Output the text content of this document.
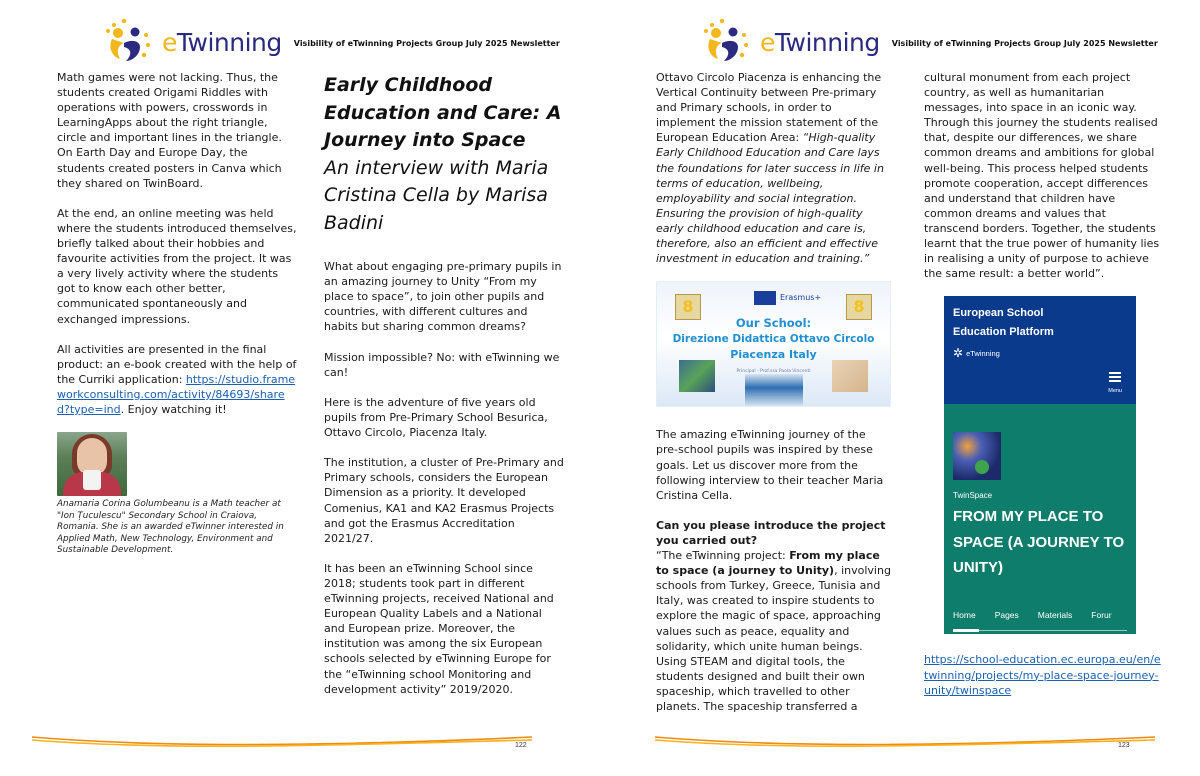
eTwinning Visibility of eTwinning Projects Group July 2025 Newsletter

Math games were not lacking. Thus, the students created Origami Riddles with operations with powers, crosswords in LearningApps about the right triangle, circle and important lines in the triangle. On Earth Day and Europe Day, the students created posters in Canva which they shared on TwinBoard.

At the end, an online meeting was held where the students introduced themselves, briefly talked about their hobbies and favourite activities from the project. It was a very lively activity where the students got to know each other better, communicated spontaneously and exchanged impressions.

All activities are presented in the final product: an e-book created with the help of the Curriki application: https://studio.frameworkconsulting.com/activity/84693/shared?type=ind. Enjoy watching it!

Anamaria Corina Golumbeanu is a Math teacher at "Ion Țuculescu" Secondary School in Craiova, Romania. She is an awarded eTwinner interested in Applied Math, New Technology, Environment and Sustainable Development.
Early Childhood Education and Care: A Journey into Space
An interview with Maria Cristina Cella by Marisa Badini

What about engaging pre-primary pupils in an amazing journey to Unity “From my place to space”, to join other pupils and countries, with different cultures and habits but sharing common dreams?

Mission impossible? No: with eTwinning we can!

Here is the adventure of five years old pupils from Pre-Primary School Besurica, Ottavo Circolo, Piacenza Italy.

The institution, a cluster of Pre-Primary and Primary schools, considers the European Dimension as a priority. It developed Comenius, KA1 and KA2 Erasmus Projects and got the Erasmus Accreditation 2021/27.

It has been an eTwinning School since 2018; students took part in different eTwinning projects, received National and European Quality Labels and a National and European prize. Moreover, the institution was among the six European schools selected by eTwinning Europe for the “eTwinning school Monitoring and development activity” 2019/2020.

122
eTwinning Visibility of eTwinning Projects Group July 2025 Newsletter

Ottavo Circolo Piacenza is enhancing the Vertical Continuity between Pre-primary and Primary schools, in order to implement the mission statement of the European Education Area: “High-quality Early Childhood Education and Care lays the foundations for later success in life in terms of education, wellbeing, employability and social integration. Ensuring the provision of high-quality early childhood education and care is, therefore, also an efficient and effective investment in education and training.”

8	Erasmus+	8
Our School:
Direzione Didattica Ottavo Circolo
Piacenza Italy
Principal - Prof.ssa Paola Vincenti

The amazing eTwinning journey of the pre-school pupils was inspired by these goals. Let us discover more from the following interview to their teacher Maria Cristina Cella.

Can you please introduce the project you carried out?

“The eTwinning project: From my place to space (a journey to Unity), involving schools from Turkey, Greece, Tunisia and Italy, was created to inspire students to explore the magic of space, approaching values such as peace, equality and solidarity, which unite human beings. Using STEAM and digital tools, the students designed and built their own spaceship, which travelled to other planets. The spaceship transferred a

cultural monument from each project country, as well as humanitarian messages, into space in an iconic way. Through this journey the students realised that, despite our differences, we share common dreams and ambitions for global well-being. This process helped students promote cooperation, accept differences and understand that children have common dreams and values that transcend borders. Together, the students learnt that the true power of humanity lies in realising a unity of purpose to achieve the same result: a better world”.

European School
Education Platform
✲ eTwinning
Menu
TwinSpace
FROM MY PLACE TO SPACE (A JOURNEY TO UNITY)
Home Pages Materials Forur

https://school-education.ec.europa.eu/en/etwinning/projects/my-place-space-journey-unity/twinspace

123
